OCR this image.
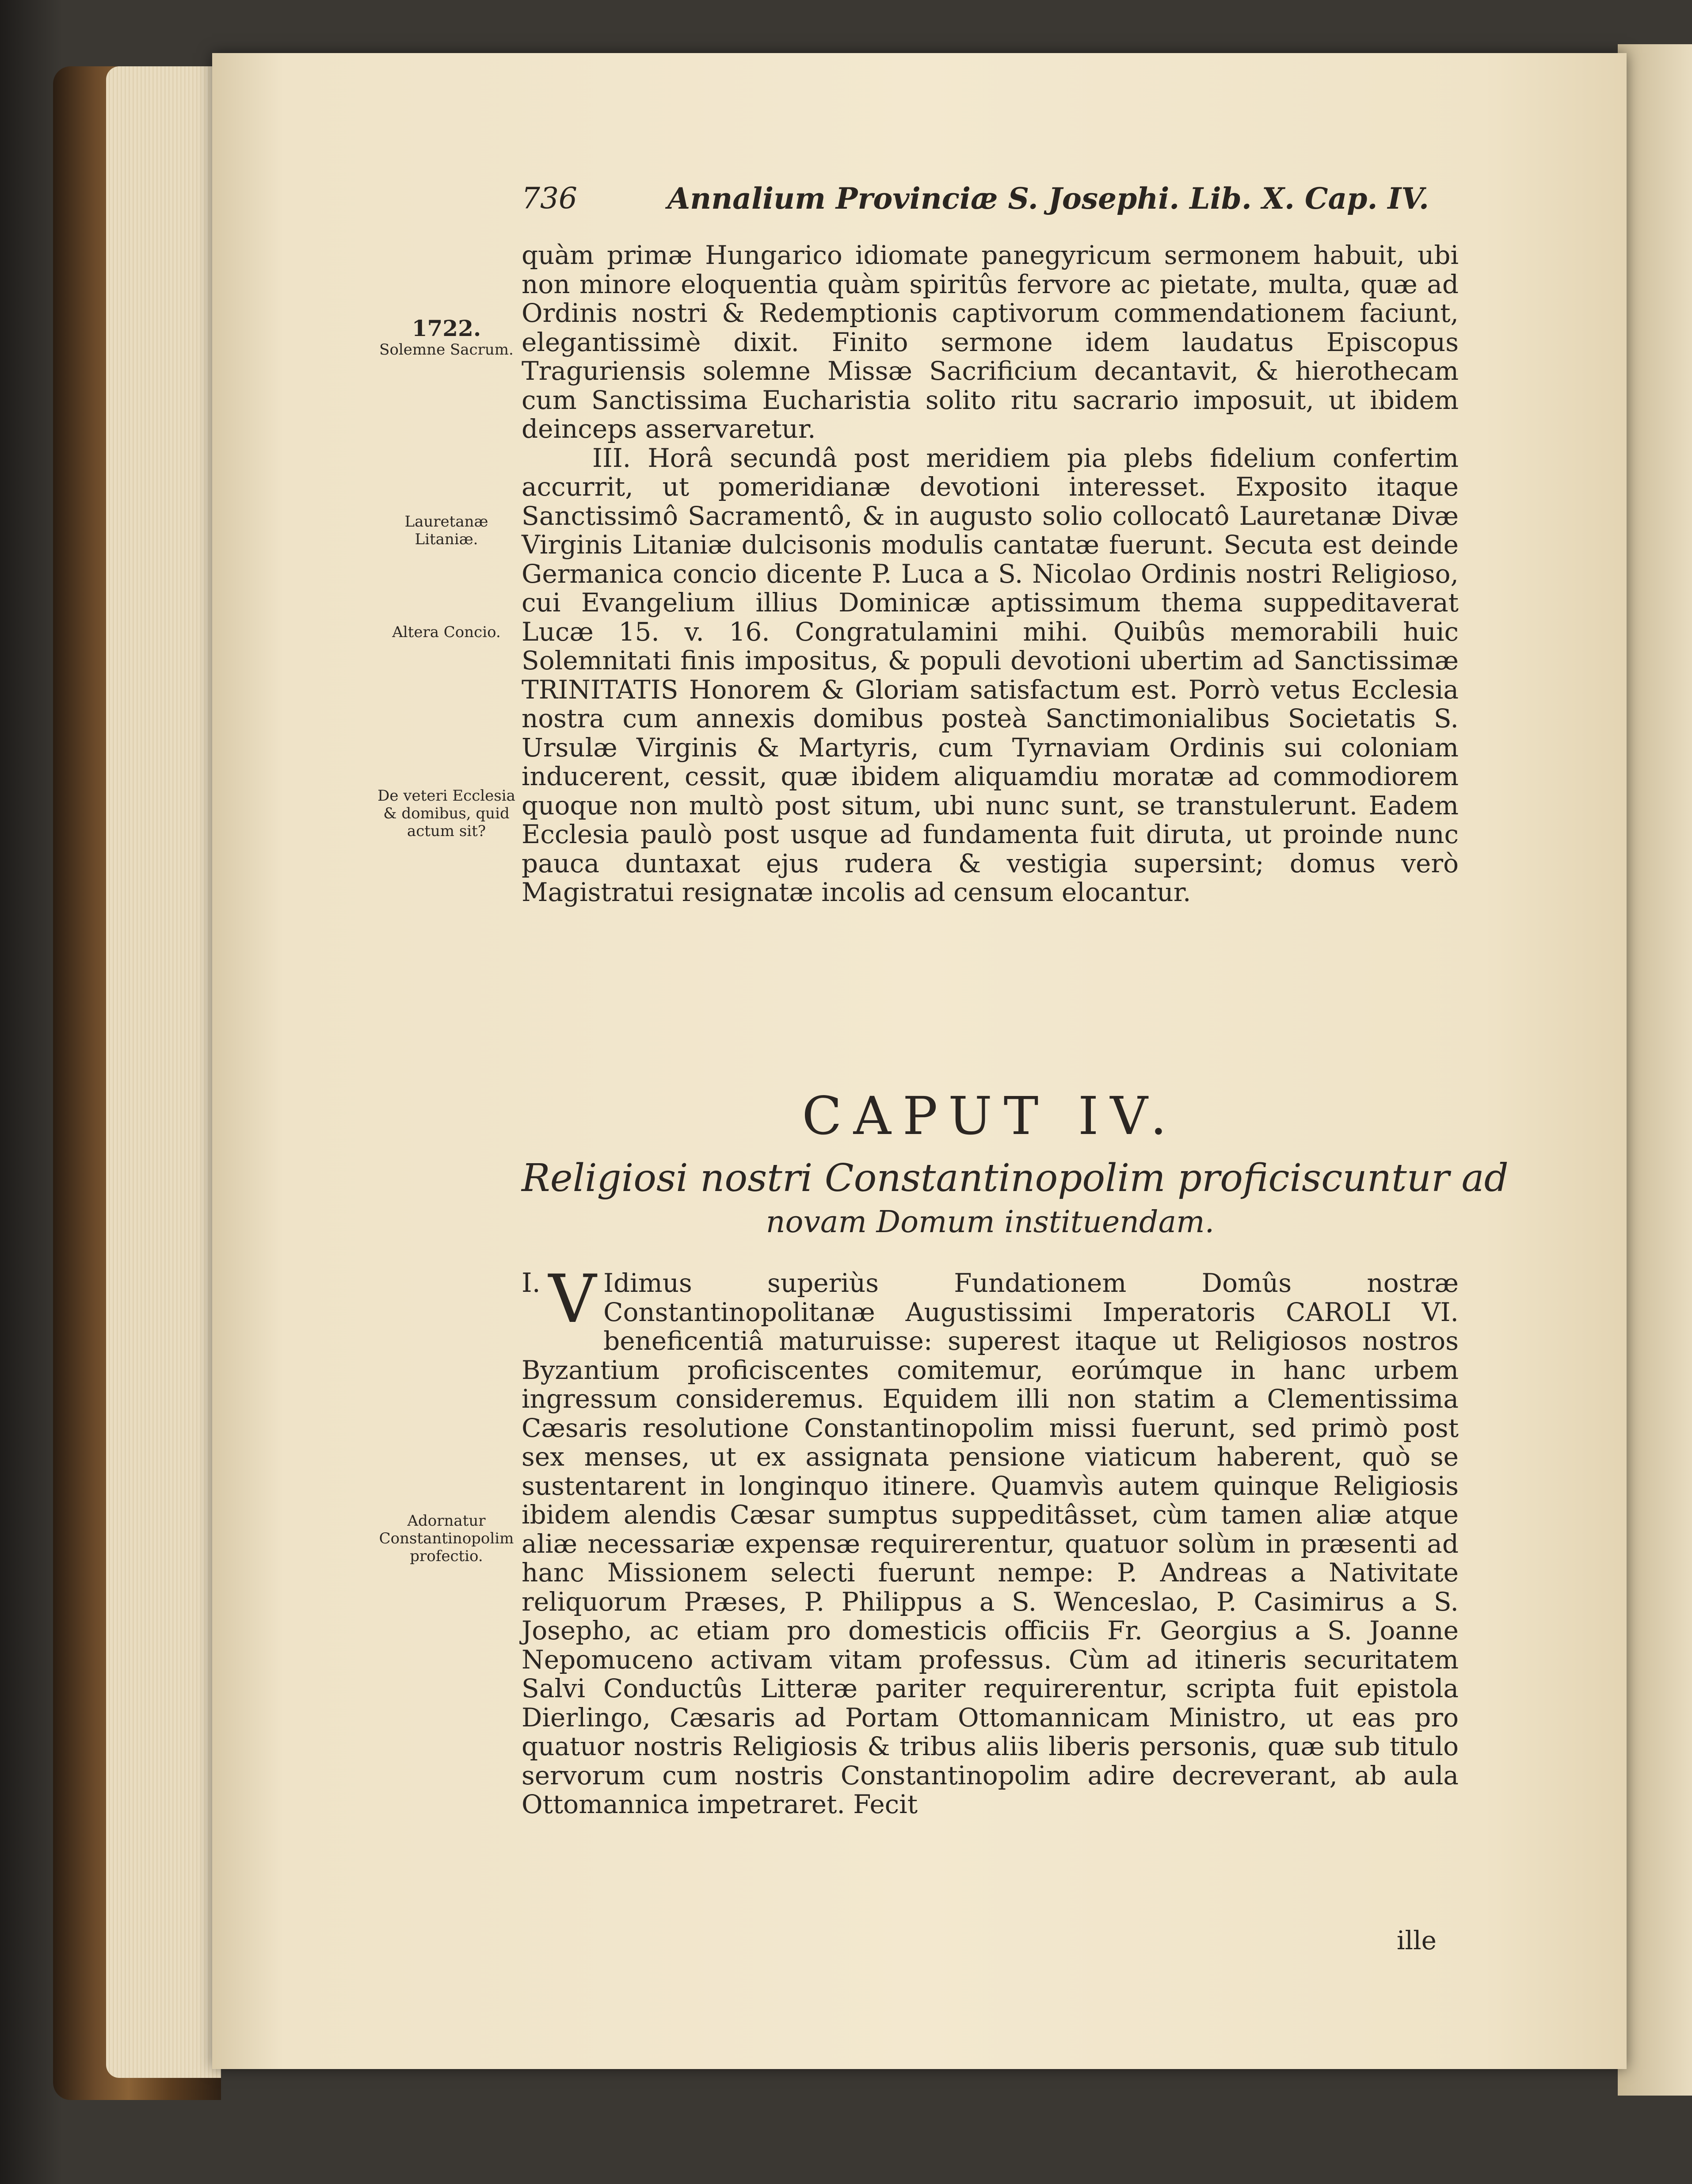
736	Annalium Provinciæ S. Josephi. Lib. X. Cap. IV.
1722.
Solemne Sacrum.
Lauretanæ Litaniæ.
Altera Concio.
De veteri Ecclesia & domibus, quid actum sit?
Adornatur Constantinopolim profectio.

quàm primæ Hungarico idiomate panegyricum sermonem habuit, ubi non minore eloquentia quàm spiritûs fervore ac pietate, multa, quæ ad Ordinis nostri & Redemptionis captivorum commendationem faciunt, elegantissimè dixit. Finito sermone idem laudatus Episcopus Traguriensis solemne Missæ Sacrificium decantavit, & hierothecam cum Sanctissima Eucharistia solito ritu sacrario imposuit, ut ibidem deinceps asservaretur.

III. Horâ secundâ post meridiem pia plebs fidelium confertim accurrit, ut pomeridianæ devotioni interesset. Exposito itaque Sanctissimô Sacramentô, & in augusto solio collocatô Lauretanæ Divæ Virginis Litaniæ dulcisonis modulis cantatæ fuerunt. Secuta est deinde Germanica concio dicente P. Luca a S. Nicolao Ordinis nostri Religioso, cui Evangelium illius Dominicæ aptissimum thema suppeditaverat Lucæ 15. v. 16. Congratulamini mihi. Quibûs memorabili huic Solemnitati finis impositus, & populi devotioni ubertim ad Sanctissimæ TRINITATIS Honorem & Gloriam satisfactum est. Porrò vetus Ecclesia nostra cum annexis domibus posteà Sanctimonialibus Societatis S. Ursulæ Virginis & Martyris, cum Tyrnaviam Ordinis sui coloniam inducerent, cessit, quæ ibidem aliquamdiu moratæ ad commodiorem quoque non multò post situm, ubi nunc sunt, se transtulerunt. Eadem Ecclesia paulò post usque ad fundamenta fuit diruta, ut proinde nunc pauca duntaxat ejus rudera & vestigia supersint; domus verò Magistratui resignatæ incolis ad censum elocantur.

CAPUT IV.
Religiosi nostri Constantinopolim proficiscuntur ad
novam Domum instituendam.
I. V Idimus superiùs Fundationem Domûs nostræ Constantinopolitanæ Augustissimi Imperatoris CAROLI VI. beneficentiâ maturuisse: superest itaque ut Religiosos nostros Byzantium proficiscentes comitemur, eorúmque in hanc urbem ingressum consideremus. Equidem illi non statim a Clementissima Cæsaris resolutione Constantinopolim missi fuerunt, sed primò post sex menses, ut ex assignata pensione viaticum haberent, quò se sustentarent in longinquo itinere. Quamvìs autem quinque Religiosis ibidem alendis Cæsar sumptus suppeditâsset, cùm tamen aliæ atque aliæ necessariæ expensæ requirerentur, quatuor solùm in præsenti ad hanc Missionem selecti fuerunt nempe: P. Andreas a Nativitate reliquorum Præses, P. Philippus a S. Wenceslao, P. Casimirus a S. Josepho, ac etiam pro domesticis officiis Fr. Georgius a S. Joanne Nepomuceno activam vitam professus. Cùm ad itineris securitatem Salvi Conductûs Litteræ pariter requirerentur, scripta fuit epistola Dierlingo, Cæsaris ad Portam Ottomannicam Ministro, ut eas pro quatuor nostris Religiosis & tribus aliis liberis personis, quæ sub titulo servorum cum nostris Constantinopolim adire decreverant, ab aula Ottomannica impetraret. Fecit
ille
